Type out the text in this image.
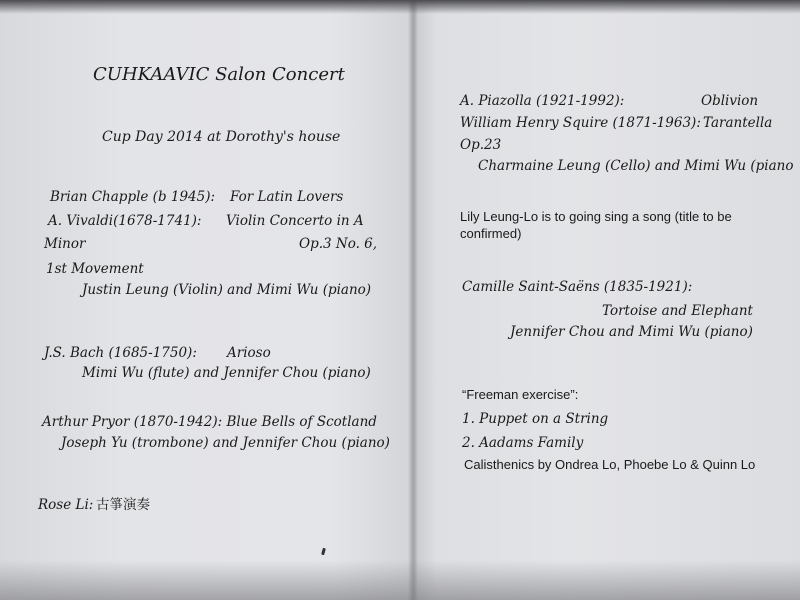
CUHKAAVIC Salon Concert
Cup Day 2014 at Dorothy's house
Brian Chapple (b 1945): For Latin Lovers
A. Vivaldi(1678-1741): Violin Concerto in A
Minor	Op.3 No. 6,
1st Movement
Justin Leung (Violin) and Mimi Wu (piano)
J.S. Bach (1685-1750): Arioso
Mimi Wu (flute) and Jennifer Chou (piano)
Arthur Pryor (1870-1942): Blue Bells of Scotland
Joseph Yu (trombone) and Jennifer Chou (piano)
Rose Li: 古箏演奏
A. Piazolla (1921-1992):	Oblivion
William Henry Squire (1871-1963): Tarantella
Op.23
Charmaine Leung (Cello) and Mimi Wu (piano
Lily Leung-Lo is to going sing a song (title to be
confirmed)
Camille Saint-Saëns (1835-1921):
Tortoise and Elephant
Jennifer Chou and Mimi Wu (piano)
“Freeman exercise”:
1. Puppet on a String
2. Aadams Family
Calisthenics by Ondrea Lo, Phoebe Lo & Quinn Lo
